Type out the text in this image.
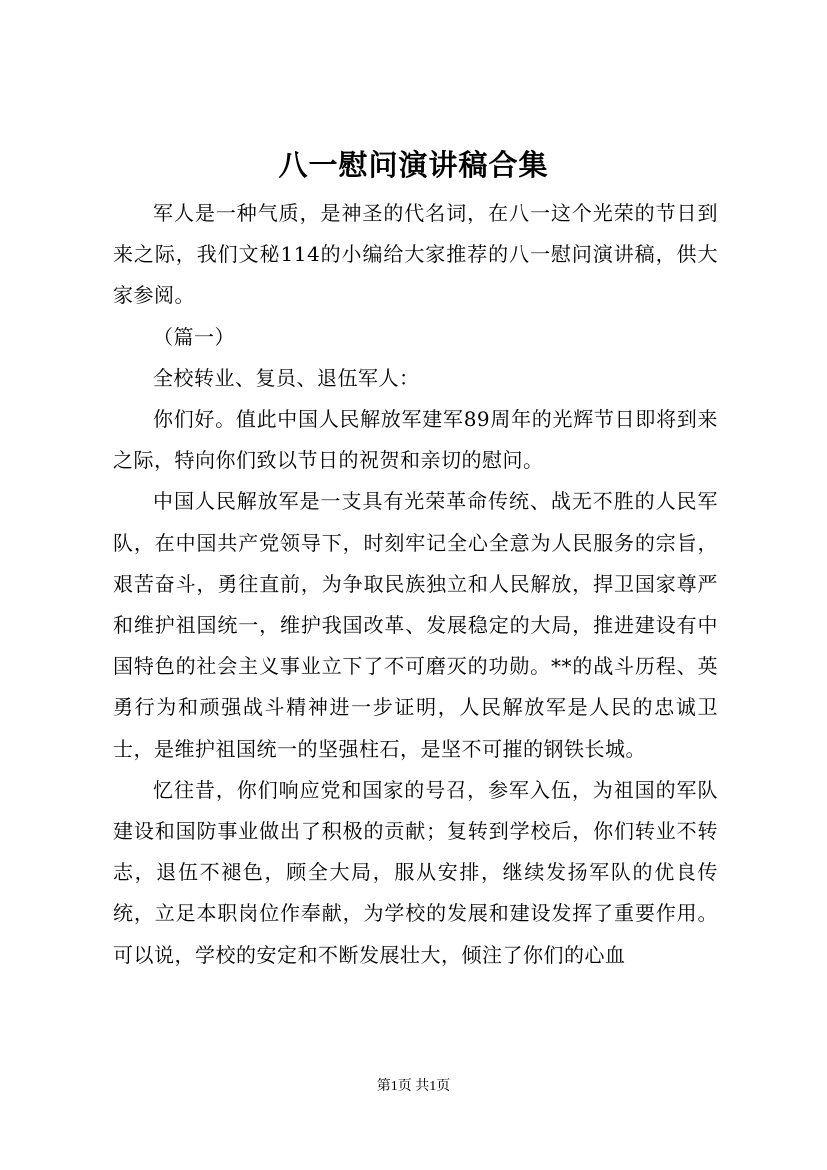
八一慰问演讲稿合集

军人是一种气质，是神圣的代名词，在八一这个光荣的节日到来之际，我们文秘114的小编给大家推荐的八一慰问演讲稿，供大家参阅。

（篇一）

全校转业、复员、退伍军人：

你们好。值此中国人民解放军建军89周年的光辉节日即将到来之际，特向你们致以节日的祝贺和亲切的慰问。

中国人民解放军是一支具有光荣革命传统、战无不胜的人民军队，在中国共产党领导下，时刻牢记全心全意为人民服务的宗旨，艰苦奋斗，勇往直前，为争取民族独立和人民解放，捍卫国家尊严和维护祖国统一，维护我国改革、发展稳定的大局，推进建设有中国特色的社会主义事业立下了不可磨灭的功勋。**的战斗历程、英勇行为和顽强战斗精神进一步证明，人民解放军是人民的忠诚卫士，是维护祖国统一的坚强柱石，是坚不可摧的钢铁长城。

忆往昔，你们响应党和国家的号召，参军入伍，为祖国的军队建设和国防事业做出了积极的贡献；复转到学校后，你们转业不转志，退伍不褪色，顾全大局，服从安排，继续发扬军队的优良传统，立足本职岗位作奉献，为学校的发展和建设发挥了重要作用。可以说，学校的安定和不断发展壮大，倾注了你们的心血

第1页 共1页
